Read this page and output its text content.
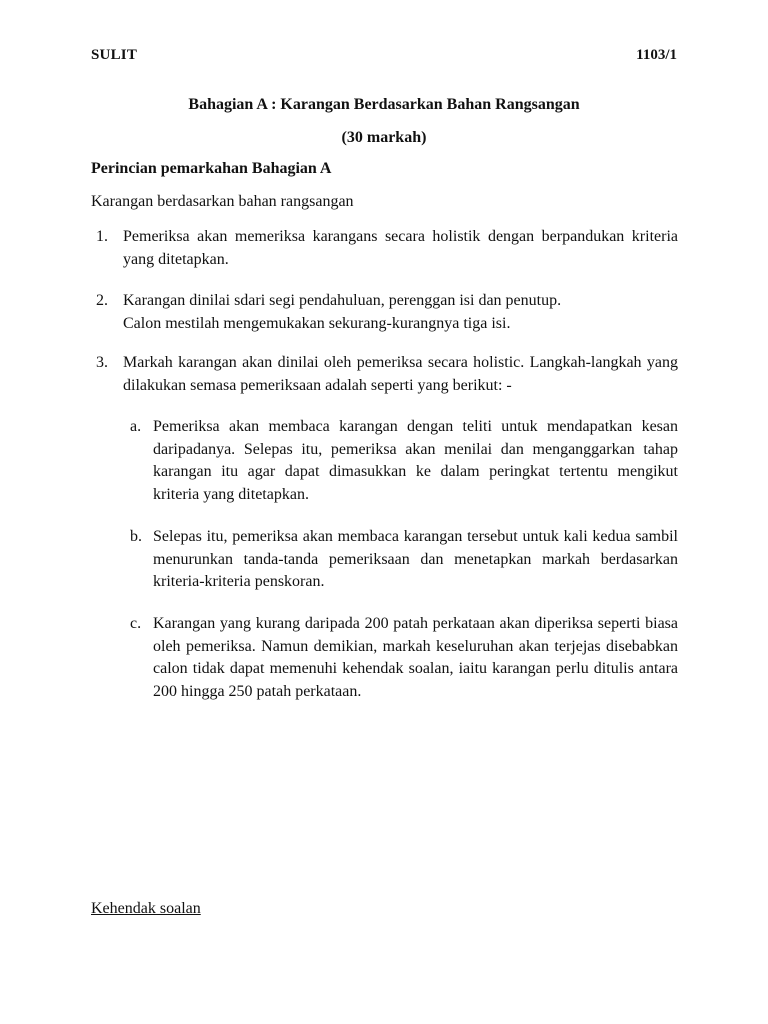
SULIT	1103/1
Bahagian A : Karangan Berdasarkan Bahan Rangsangan
(30 markah)
Perincian pemarkahan Bahagian A
Karangan berdasarkan bahan rangsangan
1. Pemeriksa akan memeriksa karangans secara holistik dengan berpandukan kriteria yang ditetapkan.
2. Karangan dinilai sdari segi pendahuluan, perenggan isi dan penutup.
Calon mestilah mengemukakan sekurang-kurangnya tiga isi.
3. Markah karangan akan dinilai oleh pemeriksa secara holistic. Langkah-langkah yang dilakukan semasa pemeriksaan adalah seperti yang berikut: -
a. Pemeriksa akan membaca karangan dengan teliti untuk mendapatkan kesan daripadanya. Selepas itu, pemeriksa akan menilai dan menganggarkan tahap karangan itu agar dapat dimasukkan ke dalam peringkat tertentu mengikut kriteria yang ditetapkan.
b. Selepas itu, pemeriksa akan membaca karangan tersebut untuk kali kedua sambil menurunkan tanda-tanda pemeriksaan dan menetapkan markah berdasarkan kriteria-kriteria penskoran.
c. Karangan yang kurang daripada 200 patah perkataan akan diperiksa seperti biasa oleh pemeriksa. Namun demikian, markah keseluruhan akan terjejas disebabkan calon tidak dapat memenuhi kehendak soalan, iaitu karangan perlu ditulis antara 200 hingga 250 patah perkataan.
Kehendak soalan
